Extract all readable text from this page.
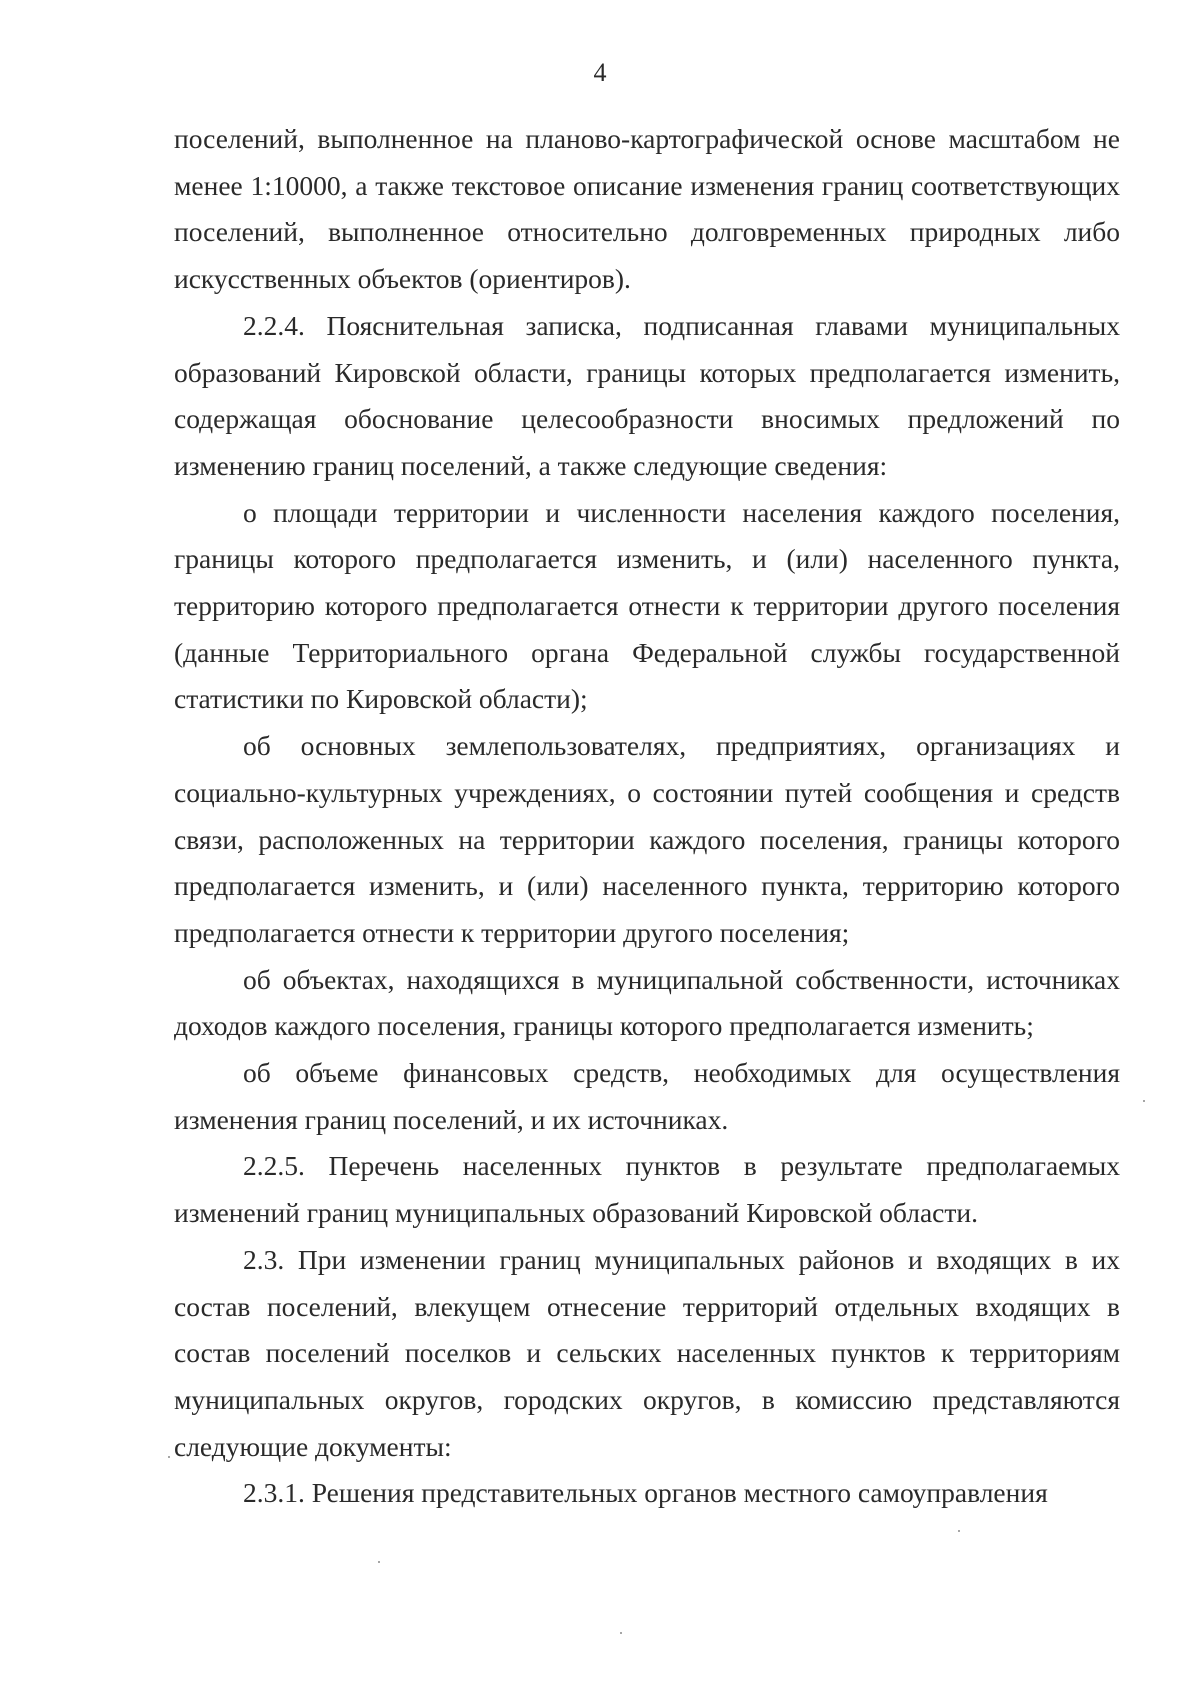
4

поселений, выполненное на планово-картографической основе масштабом не менее 1:10000, а также текстовое описание изменения границ соответствующих поселений, выполненное относительно долговременных природных либо искусственных объектов (ориентиров).

2.2.4. Пояснительная записка, подписанная главами муниципальных образований Кировской области, границы которых предполагается изменить, содержащая обоснование целесообразности вносимых предложений по изменению границ поселений, а также следующие сведения:

о площади территории и численности населения каждого поселения, границы которого предполагается изменить, и (или) населенного пункта, территорию которого предполагается отнести к территории другого поселения (данные Территориального органа Федеральной службы государственной статистики по Кировской области);

об основных землепользователях, предприятиях, организациях и социально-культурных учреждениях, о состоянии путей сообщения и средств связи, расположенных на территории каждого поселения, границы которого предполагается изменить, и (или) населенного пункта, территорию которого предполагается отнести к территории другого поселения;

об объектах, находящихся в муниципальной собственности, источниках доходов каждого поселения, границы которого предполагается изменить;

об объеме финансовых средств, необходимых для осуществления изменения границ поселений, и их источниках.

2.2.5. Перечень населенных пунктов в результате предполагаемых изменений границ муниципальных образований Кировской области.

2.3. При изменении границ муниципальных районов и входящих в их состав поселений, влекущем отнесение территорий отдельных входящих в состав поселений поселков и сельских населенных пунктов к территориям муниципальных округов, городских округов, в комиссию представляются следующие документы:

2.3.1. Решения представительных органов местного самоуправления
